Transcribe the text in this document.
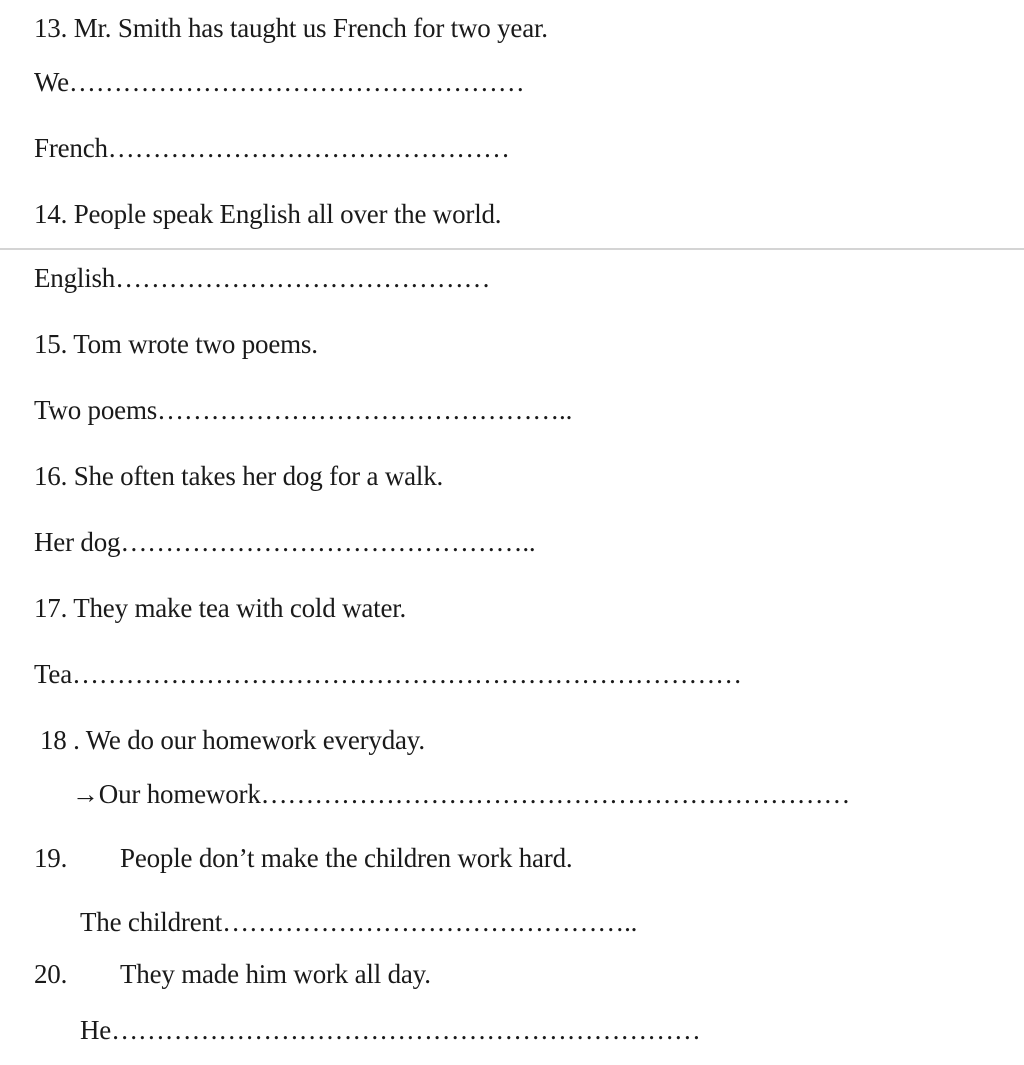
13. Mr. Smith has taught us French for two year.
We……………………………………………
French………………………………………
14. People speak English all over the world.
English……………………………………
15. Tom wrote two poems.
Two poems………………………………………..
16. She often takes her dog for a walk.
Her dog………………………………………..
17. They make tea with cold water.
Tea…………………………………………………………………
18 . We do our homework everyday.
→Our homework…………………………………………………………
19. People don’t make the children work hard.
The childrent………………………………………..
20. They made him work all day.
He…………………………………………………………
